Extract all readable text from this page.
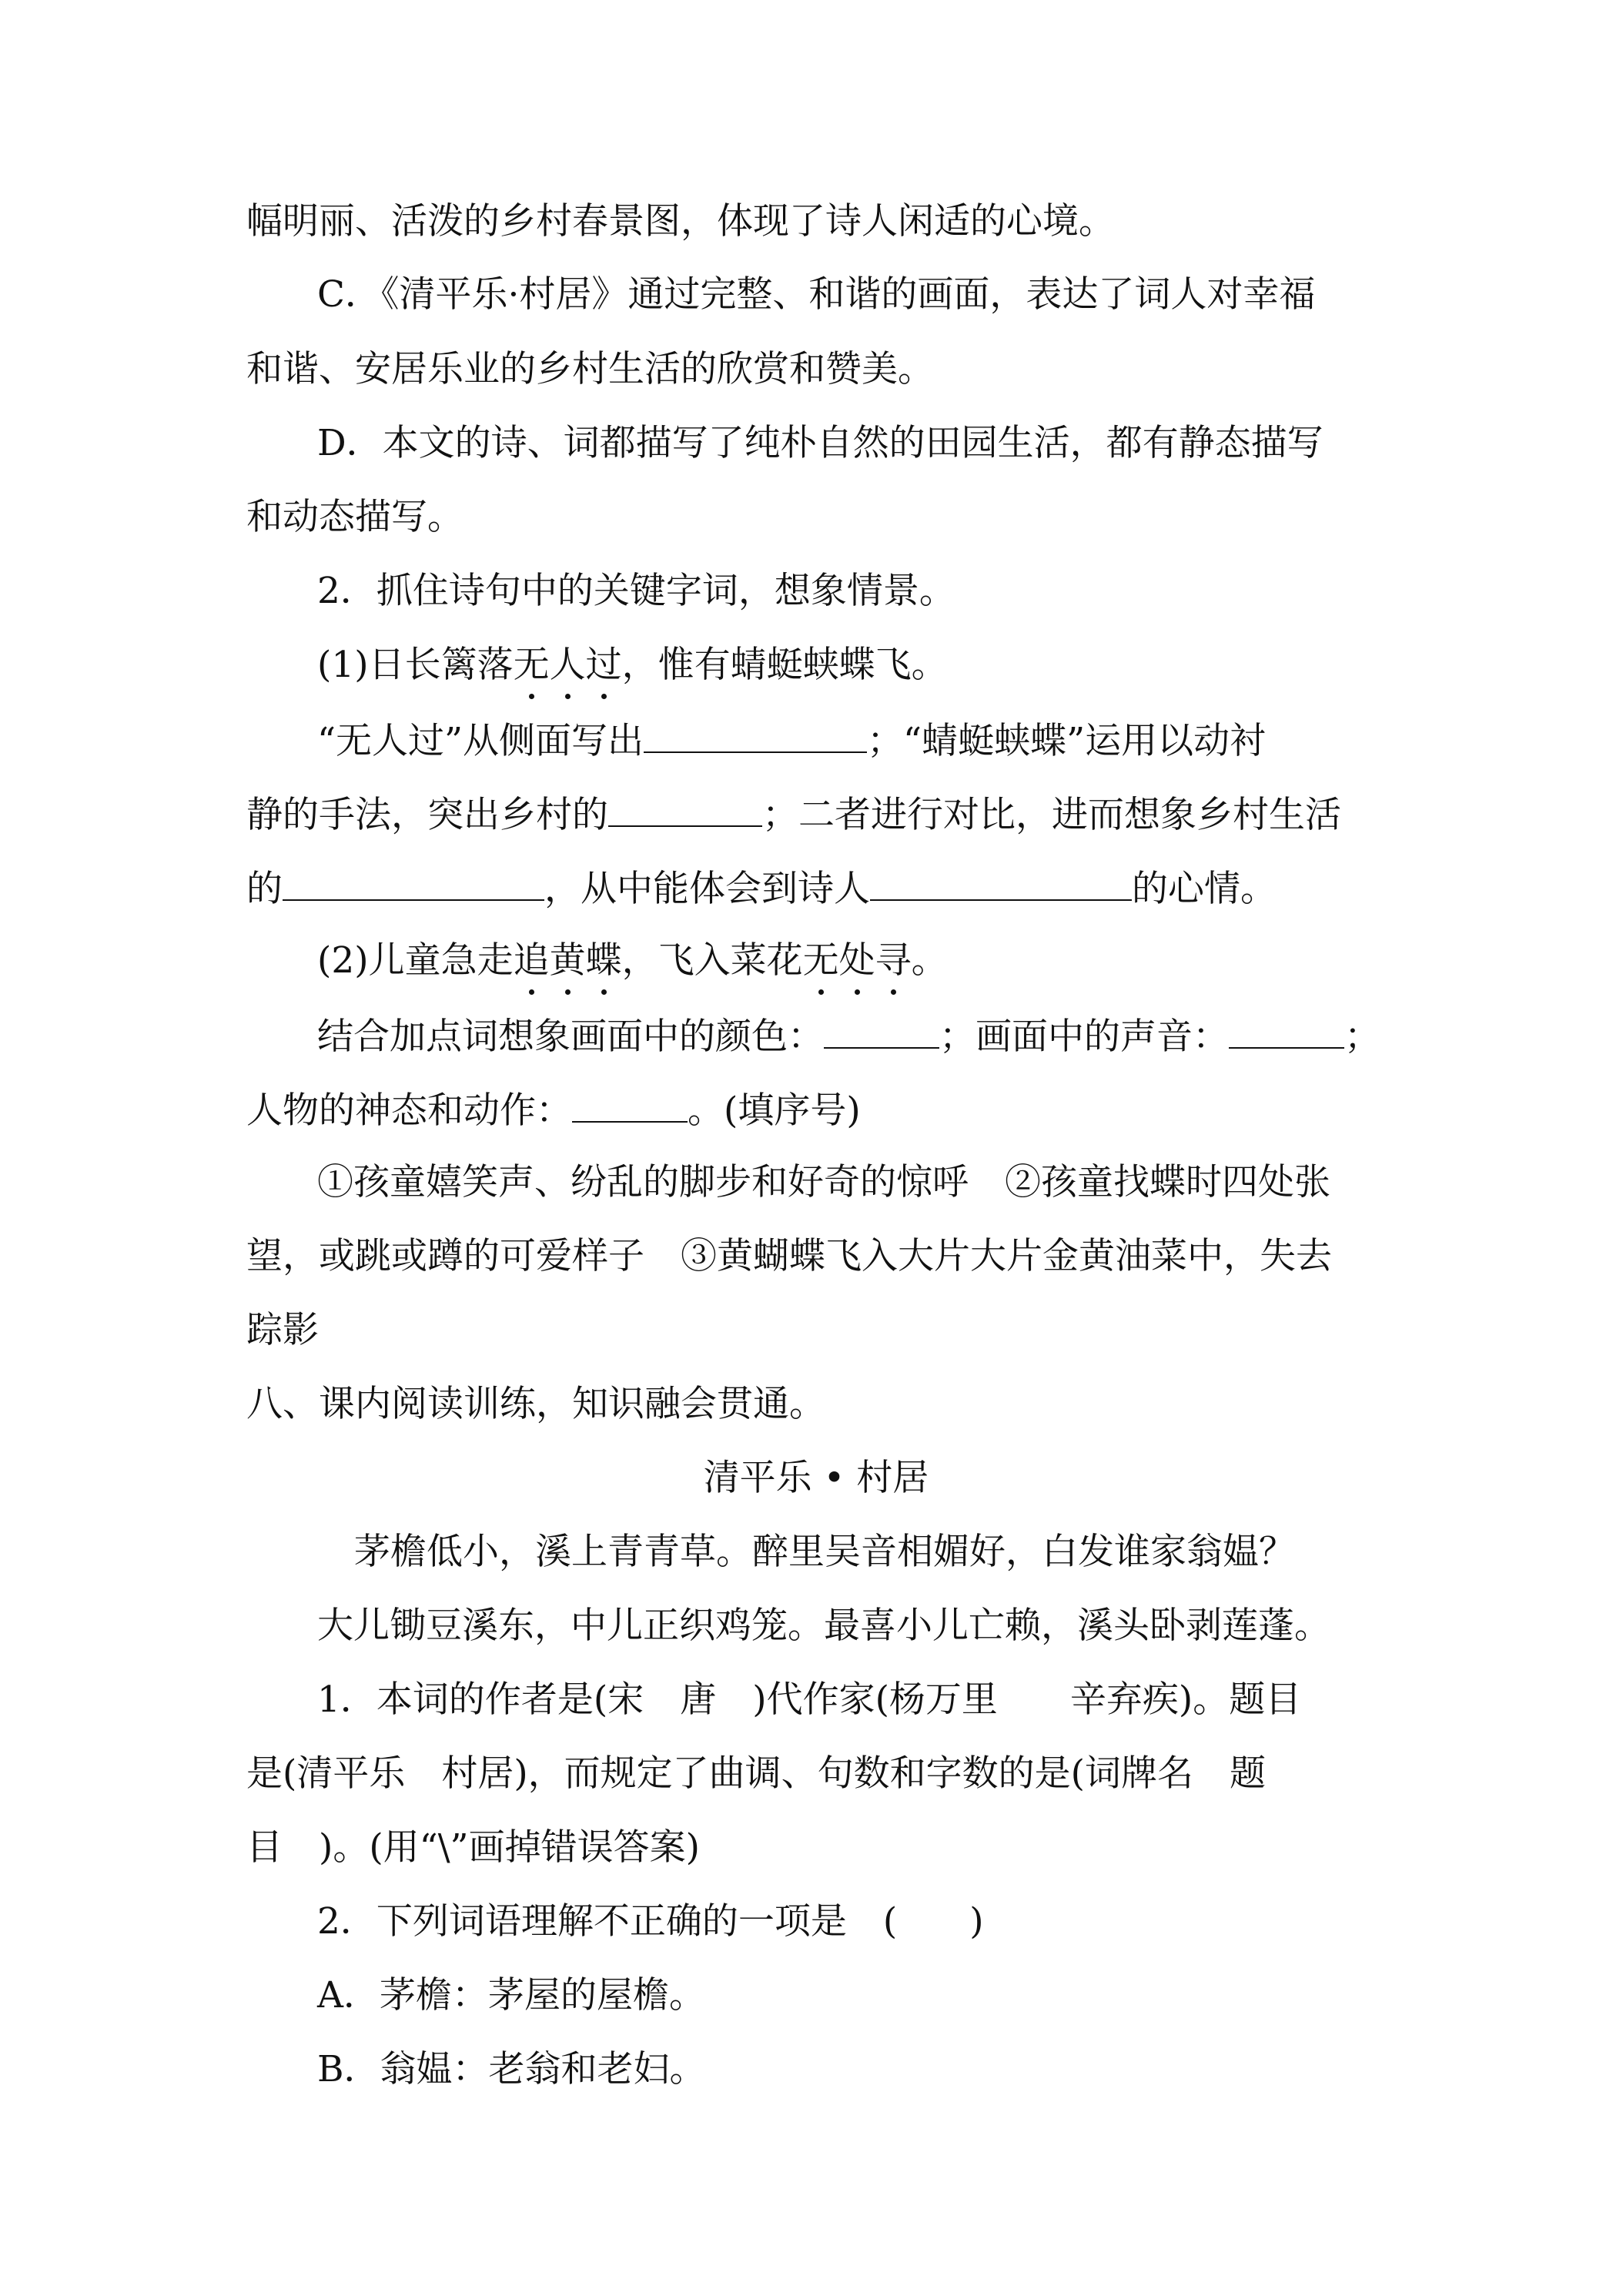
幅明丽、活泼的乡村春景图，体现了诗人闲适的心境。
C．《清平乐·村居》通过完整、和谐的画面，表达了词人对幸福
和谐、安居乐业的乡村生活的欣赏和赞美。
D．本文的诗、词都描写了纯朴自然的田园生活，都有静态描写
和动态描写。
2．抓住诗句中的关键字词，想象情景。
(1)日长篱落无人过，惟有蜻蜓蛱蝶飞。
“无人过”从侧面写出	；“蜻蜓蛱蝶”运用以动衬
静的手法，突出乡村的	；二者进行对比，进而想象乡村生活
的	，从中能体会到诗人	的心情。
(2)儿童急走追黄蝶，飞入菜花无处寻。
结合加点词想象画面中的颜色：	；画面中的声音：	；
人物的神态和动作：	。(填序号)
①孩童嬉笑声、纷乱的脚步和好奇的惊呼　②孩童找蝶时四处张
望，或跳或蹲的可爱样子　③黄蝴蝶飞入大片大片金黄油菜中，失去
踪影
八、课内阅读训练，知识融会贯通。
清平乐 • 村居
茅檐低小，溪上青青草。醉里吴音相媚好，白发谁家翁媪？
大儿锄豆溪东，中儿正织鸡笼。最喜小儿亡赖，溪头卧剥莲蓬。
1．本词的作者是(宋　唐　)代作家(杨万里　　辛弃疾)。题目
是(清平乐　村居)，而规定了曲调、句数和字数的是(词牌名　题
目　)。(用“\”画掉错误答案)
2．下列词语理解不正确的一项是　(　　)
A．茅檐：茅屋的屋檐。
B．翁媪：老翁和老妇。
